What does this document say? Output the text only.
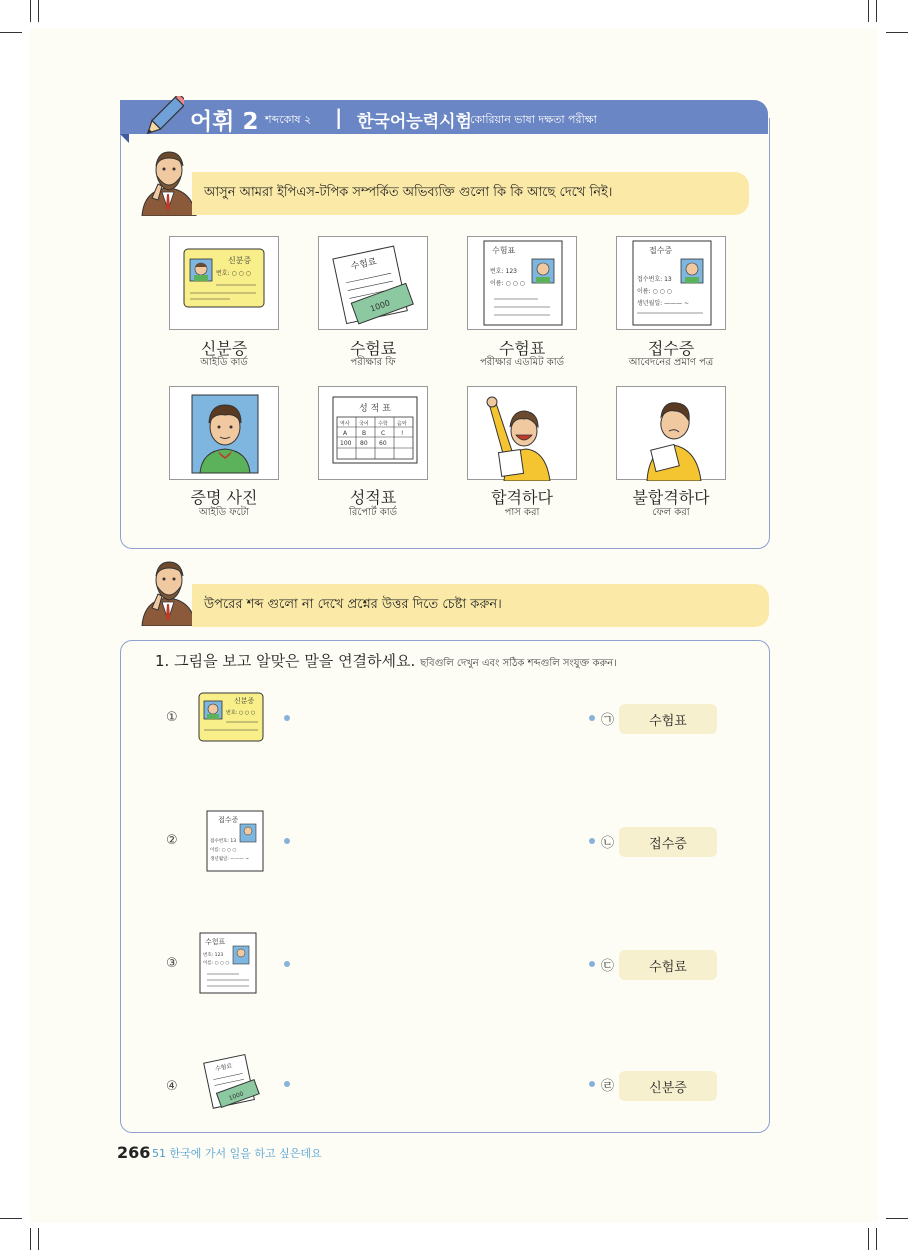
어휘 2 শব্দকোষ ২ | 한국어능력시험
কোরিয়ান ভাষা দক্ষতা পরীক্ষা
আসুন আমরা ইপিএস-টপিক সম্পর্কিত অভিব্যক্তি গুলো কি কি আছে দেখে নিই।
신분증
번호: ○ ○ ○
수험료
1000
수험표
번호: 123
이름: ○ ○ ○
접수증
접수번호: 13
이름: ○ ○ ○
생년월일: ——— ~
신분증
আইডি কার্ড
수험료
পরীক্ষার ফি
수험표
পরীক্ষার এডমিট কার্ড
접수증
আবেদনের প্রমাণ পত্র
성 적 표
역사 국어 수학 음악
A B C	!
100 80 60
증명 사진
আইডি ফটো
성적표
রিপোর্ট কার্ড
합격하다
পাস করা
불합격하다
ফেল করা
উপরের শব্দ গুলো না দেখে প্রশ্নের উত্তর দিতে চেষ্টা করুন।
1. 그림을 보고 알맞은 말을 연결하세요. ছবিগুলি দেখুন এবং সঠিক শব্দগুলি সংযুক্ত করুন।
①
신분증
번호: ○ ○ ○
②
접수증
접수번호: 13
이름: ○ ○ ○
생년월일: ——— ~
③
수험표
번호: 123
이름: ○ ○ ○
④
수험료
1000
㉠	수험표
㉡	접수증
㉢	수험료
㉣	신분증
266 51 한국에 가서 일을 하고 싶은데요
